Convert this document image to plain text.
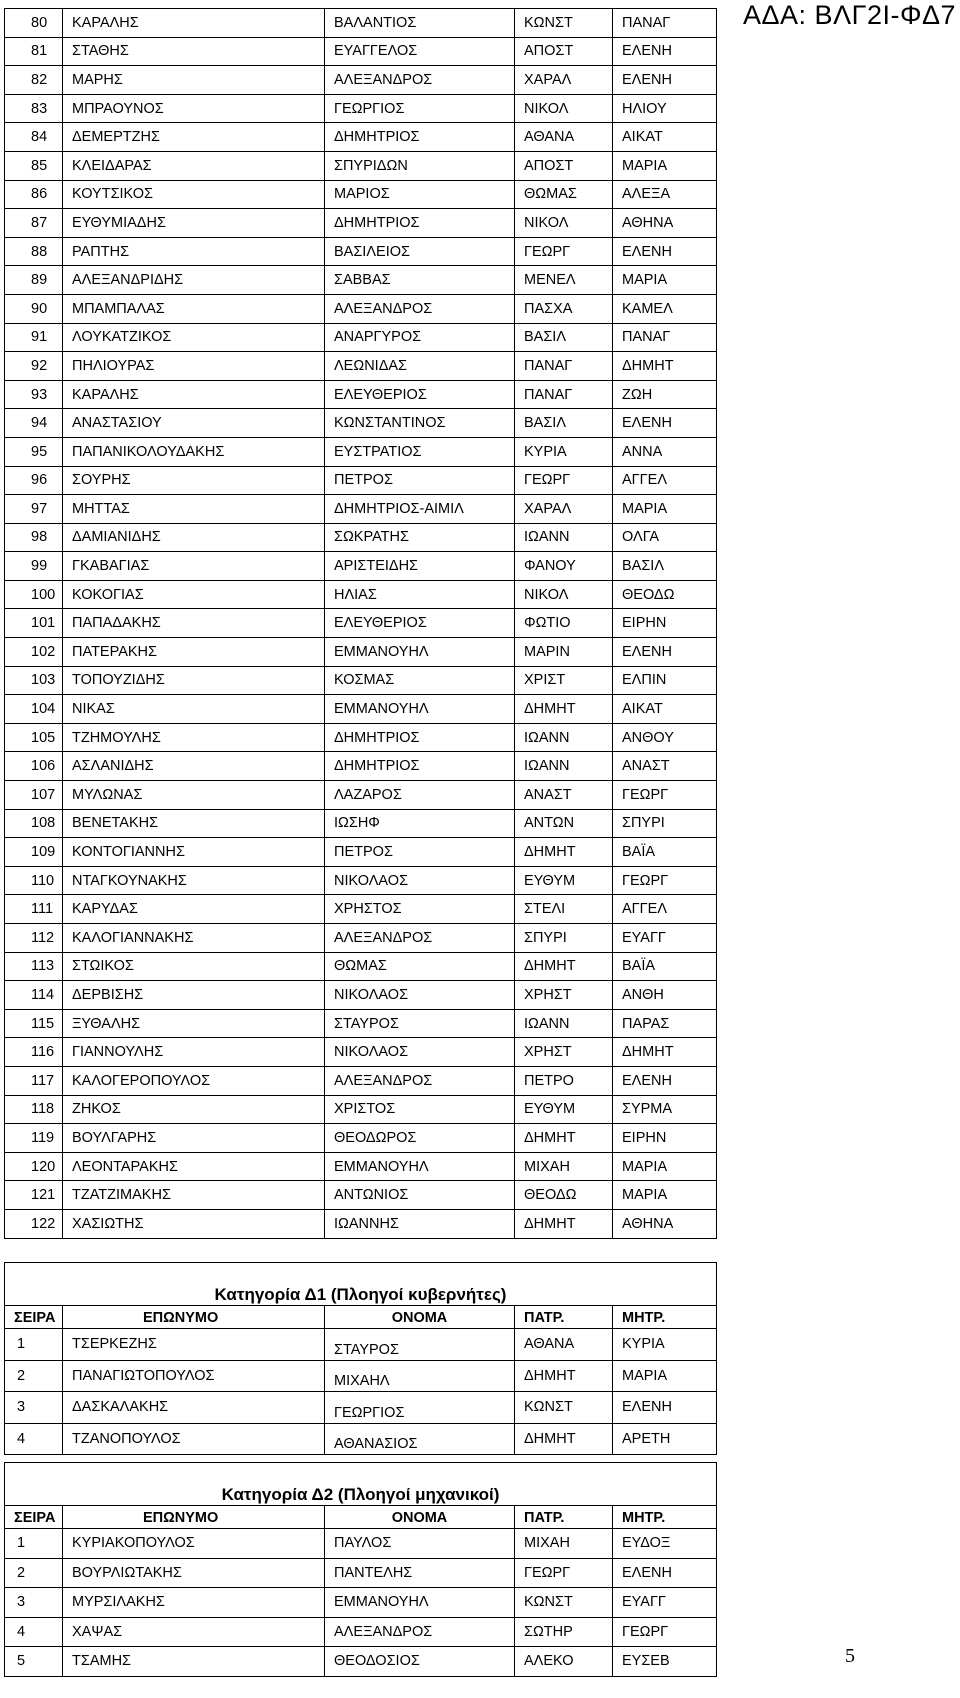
ΑΔΑ: ΒΛΓ2Ι-ΦΔ7
80	ΚΑΡΑΛΗΣ	ΒΑΛΑΝΤΙΟΣ	ΚΩΝΣΤ	ΠΑΝΑΓ
81	ΣΤΑΘΗΣ	ΕΥΑΓΓΕΛΟΣ	ΑΠΟΣΤ	ΕΛΕΝΗ
82	ΜΑΡΗΣ	ΑΛΕΞΑΝΔΡΟΣ	ΧΑΡΑΛ	ΕΛΕΝΗ
83	ΜΠΡΑΟΥΝΟΣ	ΓΕΩΡΓΙΟΣ	ΝΙΚΟΛ	ΗΛΙΟΥ
84	ΔΕΜΕΡΤΖΗΣ	ΔΗΜΗΤΡΙΟΣ	ΑΘΑΝΑ	ΑΙΚΑΤ
85	ΚΛΕΙΔΑΡΑΣ	ΣΠΥΡΙΔΩΝ	ΑΠΟΣΤ	ΜΑΡΙΑ
86	ΚΟΥΤΣΙΚΟΣ	ΜΑΡΙΟΣ	ΘΩΜΑΣ	ΑΛΕΞΑ
87	ΕΥΘΥΜΙΑΔΗΣ	ΔΗΜΗΤΡΙΟΣ	ΝΙΚΟΛ	ΑΘΗΝΑ
88	ΡΑΠΤΗΣ	ΒΑΣΙΛΕΙΟΣ	ΓΕΩΡΓ	ΕΛΕΝΗ
89	ΑΛΕΞΑΝΔΡΙΔΗΣ	ΣΑΒΒΑΣ	ΜΕΝΕΛ	ΜΑΡΙΑ
90	ΜΠΑΜΠΑΛΑΣ	ΑΛΕΞΑΝΔΡΟΣ	ΠΑΣΧΑ	ΚΑΜΕΛ
91	ΛΟΥΚΑΤΖΙΚΟΣ	ΑΝΑΡΓΥΡΟΣ	ΒΑΣΙΛ	ΠΑΝΑΓ
92	ΠΗΛΙΟΥΡΑΣ	ΛΕΩΝΙΔΑΣ	ΠΑΝΑΓ	ΔΗΜΗΤ
93	ΚΑΡΑΛΗΣ	ΕΛΕΥΘΕΡΙΟΣ	ΠΑΝΑΓ	ΖΩΗ
94	ΑΝΑΣΤΑΣΙΟΥ	ΚΩΝΣΤΑΝΤΙΝΟΣ	ΒΑΣΙΛ	ΕΛΕΝΗ
95	ΠΑΠΑΝΙΚΟΛΟΥΔΑΚΗΣ	ΕΥΣΤΡΑΤΙΟΣ	ΚΥΡΙΑ	ΑΝΝΑ
96	ΣΟΥΡΗΣ	ΠΕΤΡΟΣ	ΓΕΩΡΓ	ΑΓΓΕΛ
97	ΜΗΤΤΑΣ	ΔΗΜΗΤΡΙΟΣ-ΑΙΜΙΛ	ΧΑΡΑΛ	ΜΑΡΙΑ
98	ΔΑΜΙΑΝΙΔΗΣ	ΣΩΚΡΑΤΗΣ	ΙΩΑΝΝ	ΟΛΓΑ
99	ΓΚΑΒΑΓΙΑΣ	ΑΡΙΣΤΕΙΔΗΣ	ΦΑΝΟΥ	ΒΑΣΙΛ
100	ΚΟΚΟΓΙΑΣ	ΗΛΙΑΣ	ΝΙΚΟΛ	ΘΕΟΔΩ
101	ΠΑΠΑΔΑΚΗΣ	ΕΛΕΥΘΕΡΙΟΣ	ΦΩΤΙΟ	ΕΙΡΗΝ
102	ΠΑΤΕΡΑΚΗΣ	ΕΜΜΑΝΟΥΗΛ	ΜΑΡΙΝ	ΕΛΕΝΗ
103	ΤΟΠΟΥΖΙΔΗΣ	ΚΟΣΜΑΣ	ΧΡΙΣΤ	ΕΛΠΙΝ
104	ΝΙΚΑΣ	ΕΜΜΑΝΟΥΗΛ	ΔΗΜΗΤ	ΑΙΚΑΤ
105	ΤΖΗΜΟΥΛΗΣ	ΔΗΜΗΤΡΙΟΣ	ΙΩΑΝΝ	ΑΝΘΟΥ
106	ΑΣΛΑΝΙΔΗΣ	ΔΗΜΗΤΡΙΟΣ	ΙΩΑΝΝ	ΑΝΑΣΤ
107	ΜΥΛΩΝΑΣ	ΛΑΖΑΡΟΣ	ΑΝΑΣΤ	ΓΕΩΡΓ
108	ΒΕΝΕΤΑΚΗΣ	ΙΩΣΗΦ	ΑΝΤΩΝ	ΣΠΥΡΙ
109	ΚΟΝΤΟΓΙΑΝΝΗΣ	ΠΕΤΡΟΣ	ΔΗΜΗΤ	ΒΑΪΑ
110	ΝΤΑΓΚΟΥΝΑΚΗΣ	ΝΙΚΟΛΑΟΣ	ΕΥΘΥΜ	ΓΕΩΡΓ
111	ΚΑΡΥΔΑΣ	ΧΡΗΣΤΟΣ	ΣΤΕΛΙ	ΑΓΓΕΛ
112	ΚΑΛΟΓΙΑΝΝΑΚΗΣ	ΑΛΕΞΑΝΔΡΟΣ	ΣΠΥΡΙ	ΕΥΑΓΓ
113	ΣΤΩΙΚΟΣ	ΘΩΜΑΣ	ΔΗΜΗΤ	ΒΑΪΑ
114	ΔΕΡΒΙΣΗΣ	ΝΙΚΟΛΑΟΣ	ΧΡΗΣΤ	ΑΝΘΗ
115	ΞΥΘΑΛΗΣ	ΣΤΑΥΡΟΣ	ΙΩΑΝΝ	ΠΑΡΑΣ
116	ΓΙΑΝΝΟΥΛΗΣ	ΝΙΚΟΛΑΟΣ	ΧΡΗΣΤ	ΔΗΜΗΤ
117	ΚΑΛΟΓΕΡΟΠΟΥΛΟΣ	ΑΛΕΞΑΝΔΡΟΣ	ΠΕΤΡΟ	ΕΛΕΝΗ
118	ΖΗΚΟΣ	ΧΡΙΣΤΟΣ	ΕΥΘΥΜ	ΣΥΡΜΑ
119	ΒΟΥΛΓΑΡΗΣ	ΘΕΟΔΩΡΟΣ	ΔΗΜΗΤ	ΕΙΡΗΝ
120	ΛΕΟΝΤΑΡΑΚΗΣ	ΕΜΜΑΝΟΥΗΛ	ΜΙΧΑΗ	ΜΑΡΙΑ
121	ΤΖΑΤΖΙΜΑΚΗΣ	ΑΝΤΩΝΙΟΣ	ΘΕΟΔΩ	ΜΑΡΙΑ
122	ΧΑΣΙΩΤΗΣ	ΙΩΑΝΝΗΣ	ΔΗΜΗΤ	ΑΘΗΝΑ
Κατηγορία Δ1 (Πλοηγοί κυβερνήτες)				
ΣΕΙΡΑ	ΕΠΩΝΥΜΟ	ΟΝΟΜΑ	ΠΑΤΡ.	ΜΗΤΡ.
1	ΤΣΕΡΚΕΖΗΣ	ΣΤΑΥΡΟΣ	ΑΘΑΝΑ	ΚΥΡΙΑ
2	ΠΑΝΑΓΙΩΤΟΠΟΥΛΟΣ	ΜΙΧΑΗΛ	ΔΗΜΗΤ	ΜΑΡΙΑ
3	ΔΑΣΚΑΛΑΚΗΣ	ΓΕΩΡΓΙΟΣ	ΚΩΝΣΤ	ΕΛΕΝΗ
4	ΤΖΑΝΟΠΟΥΛΟΣ	ΑΘΑΝΑΣΙΟΣ	ΔΗΜΗΤ	ΑΡΕΤΗ
Κατηγορία Δ2 (Πλοηγοί μηχανικοί)				
ΣΕΙΡΑ	ΕΠΩΝΥΜΟ	ΟΝΟΜΑ	ΠΑΤΡ.	ΜΗΤΡ.
1	ΚΥΡΙΑΚΟΠΟΥΛΟΣ	ΠΑΥΛΟΣ	ΜΙΧΑΗ	ΕΥΔΟΞ
2	ΒΟΥΡΛΙΩΤΑΚΗΣ	ΠΑΝΤΕΛΗΣ	ΓΕΩΡΓ	ΕΛΕΝΗ
3	ΜΥΡΣΙΛΑΚΗΣ	ΕΜΜΑΝΟΥΗΛ	ΚΩΝΣΤ	ΕΥΑΓΓ
4	ΧΑΨΑΣ	ΑΛΕΞΑΝΔΡΟΣ	ΣΩΤΗΡ	ΓΕΩΡΓ
5	ΤΣΑΜΗΣ	ΘΕΟΔΟΣΙΟΣ	ΑΛΕΚΟ	ΕΥΣΕΒ	5
